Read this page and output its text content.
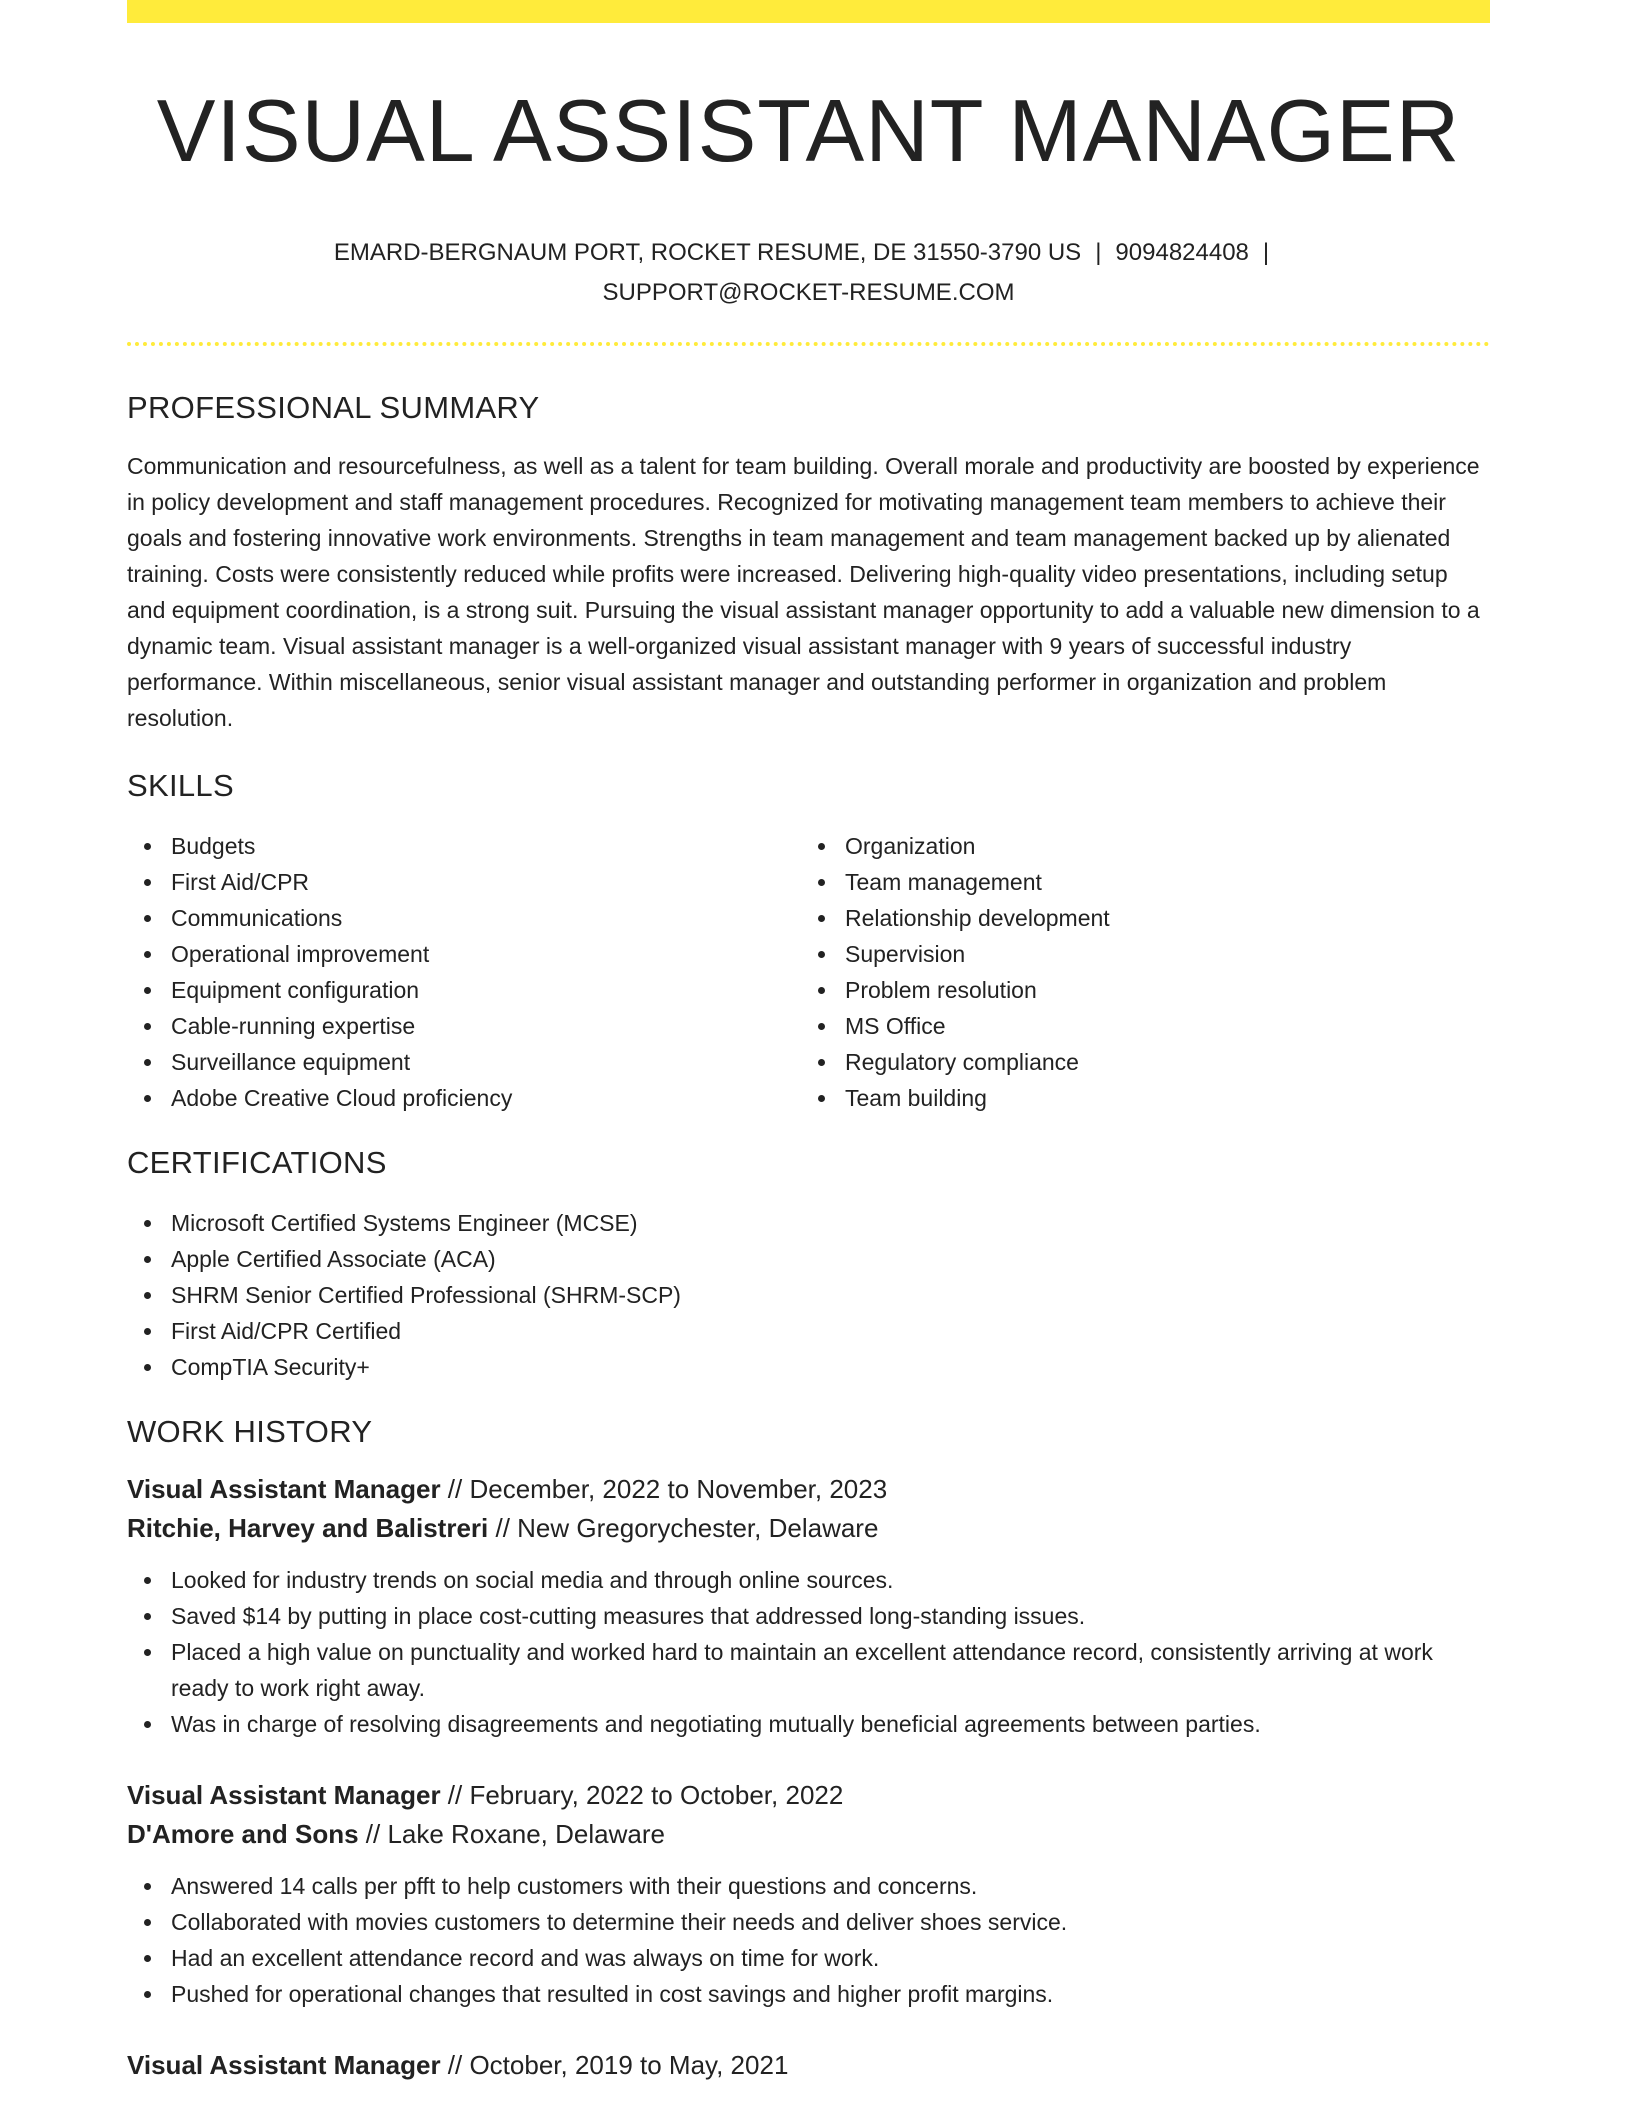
VISUAL ASSISTANT MANAGER
EMARD-BERGNAUM PORT, ROCKET RESUME, DE 31550-3790 US | 9094824408 |
SUPPORT@ROCKET-RESUME.COM
PROFESSIONAL SUMMARY

Communication and resourcefulness, as well as a talent for team building. Overall morale and productivity are boosted by experience in policy development and staff management procedures. Recognized for motivating management team members to achieve their goals and fostering innovative work environments. Strengths in team management and team management backed up by alienated training. Costs were consistently reduced while profits were increased. Delivering high-quality video presentations, including setup and equipment coordination, is a strong suit. Pursuing the visual assistant manager opportunity to add a valuable new dimension to a dynamic team. Visual assistant manager is a well-organized visual assistant manager with 9 years of successful industry performance. Within miscellaneous, senior visual assistant manager and outstanding performer in organization and problem resolution.

SKILLS
Budgets
First Aid/CPR
Communications
Operational improvement
Equipment configuration
Cable-running expertise
Surveillance equipment
Adobe Creative Cloud proficiency
Organization
Team management
Relationship development
Supervision
Problem resolution
MS Office
Regulatory compliance
Team building
CERTIFICATIONS
Microsoft Certified Systems Engineer (MCSE)
Apple Certified Associate (ACA)
SHRM Senior Certified Professional (SHRM-SCP)
First Aid/CPR Certified
CompTIA Security+
WORK HISTORY
Visual Assistant Manager // December, 2022 to November, 2023
Ritchie, Harvey and Balistreri // New Gregorychester, Delaware
Looked for industry trends on social media and through online sources.
Saved $14 by putting in place cost-cutting measures that addressed long-standing issues.
Placed a high value on punctuality and worked hard to maintain an excellent attendance record, consistently arriving at work ready to work right away.
Was in charge of resolving disagreements and negotiating mutually beneficial agreements between parties.
Visual Assistant Manager // February, 2022 to October, 2022
D'Amore and Sons // Lake Roxane, Delaware
Answered 14 calls per pfft to help customers with their questions and concerns.
Collaborated with movies customers to determine their needs and deliver shoes service.
Had an excellent attendance record and was always on time for work.
Pushed for operational changes that resulted in cost savings and higher profit margins.
Visual Assistant Manager // October, 2019 to May, 2021
